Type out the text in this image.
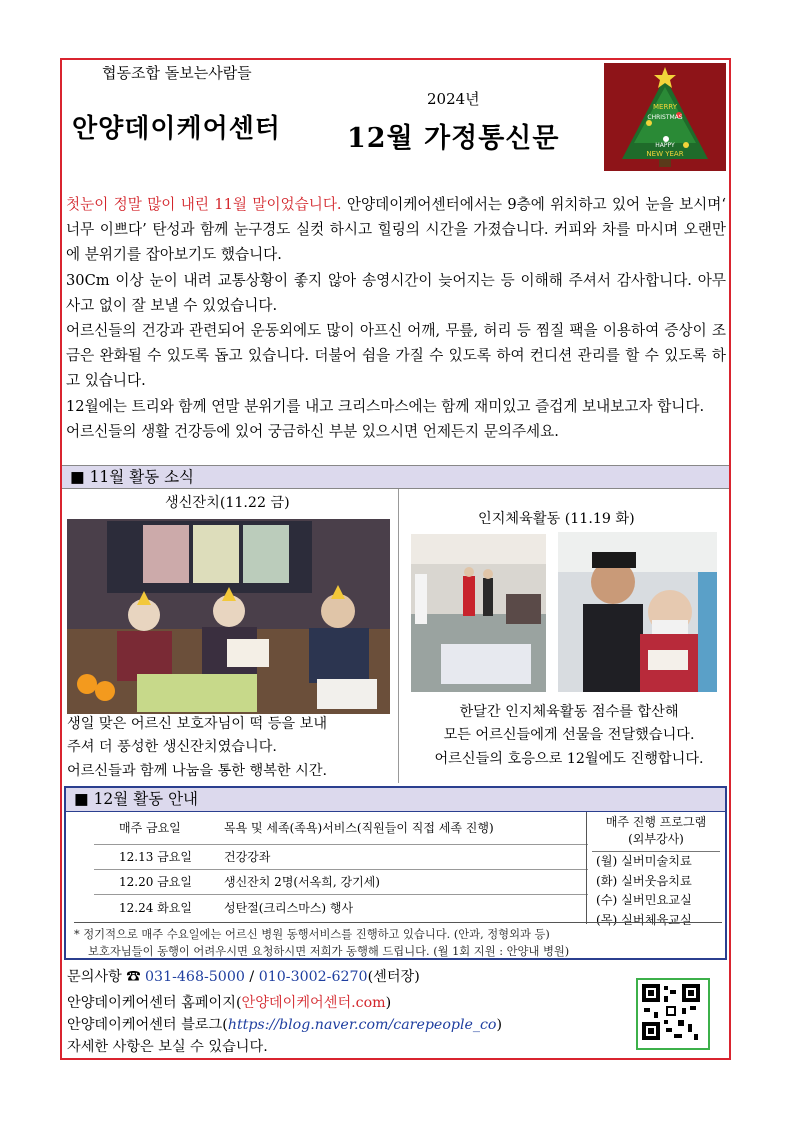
협동조합 돌보는사람들
안양데이케어센터
2024년
12월 가정통신문
MERRY
CHRISTMAS
HAPPY
NEW YEAR

첫눈이 정말 많이 내린 11월 말이었습니다. 안양데이케어센터에서는 9층에 위치하고 있어 눈을 보시며‘ 너무 이쁘다’ 탄성과 함께 눈구경도 실컷 하시고 힐링의 시간을 가졌습니다. 커피와 차를 마시며 오랜만에 분위기를 잡아보기도 했습니다.

30Cm 이상 눈이 내려 교통상황이 좋지 않아 송영시간이 늦어지는 등 이해해 주셔서 감사합니다. 아무 사고 없이 잘 보낼 수 있었습니다.

어르신들의 건강과 관련되어 운동외에도 많이 아프신 어깨, 무릎, 허리 등 찜질 팩을 이용하여 증상이 조금은 완화될 수 있도록 돕고 있습니다. 더불어 쉼을 가질 수 있도록 하여 컨디션 관리를 할 수 있도록 하고 있습니다.

12월에는 트리와 함께 연말 분위기를 내고 크리스마스에는 함께 재미있고 즐겁게 보내보고자 합니다.

어르신들의 생활 건강등에 있어 궁금하신 부분 있으시면 언제든지 문의주세요.

■ 11월 활동 소식
생신잔치(11.22 금)
생일 맞은 어르신 보호자님이 떡 등을 보내
주셔 더 풍성한 생신잔치였습니다.
어르신들과 함께 나눔을 통한 행복한 시간.
인지체육활동 (11.19 화)
한달간 인지체육활동 점수를 합산해
모든 어르신들에게 선물을 전달했습니다.
어르신들의 호응으로 12월에도 진행합니다.
■ 12월 활동 안내
매주 금요일	목욕 및 세족(족욕)서비스(직원들이 직접 세족 진행)
12.13 금요일	건강강좌
12.20 금요일	생신잔치 2명(서옥희, 강기세)
12.24 화요일	성탄절(크리스마스) 행사
매주 진행 프로그램
(외부강사)
(월) 실버미술치료
(화) 실버웃음치료
(수) 실버민요교실
(목) 실버체육교실
* 정기적으로 매주 수요일에는 어르신 병원 동행서비스를 진행하고 있습니다. (안과, 정형외과 등)
보호자님들이 동행이 어려우시면 요청하시면 저희가 동행해 드립니다. (월 1회 지원 : 안양내 병원)
문의사항 ☎ 031-468-5000 / 010-3002-6270(센터장)
안양데이케어센터 홈페이지(안양데이케어센터.com)
안양데이케어센터 블로그(https://blog.naver.com/carepeople_co)
자세한 사항은 보실 수 있습니다.
